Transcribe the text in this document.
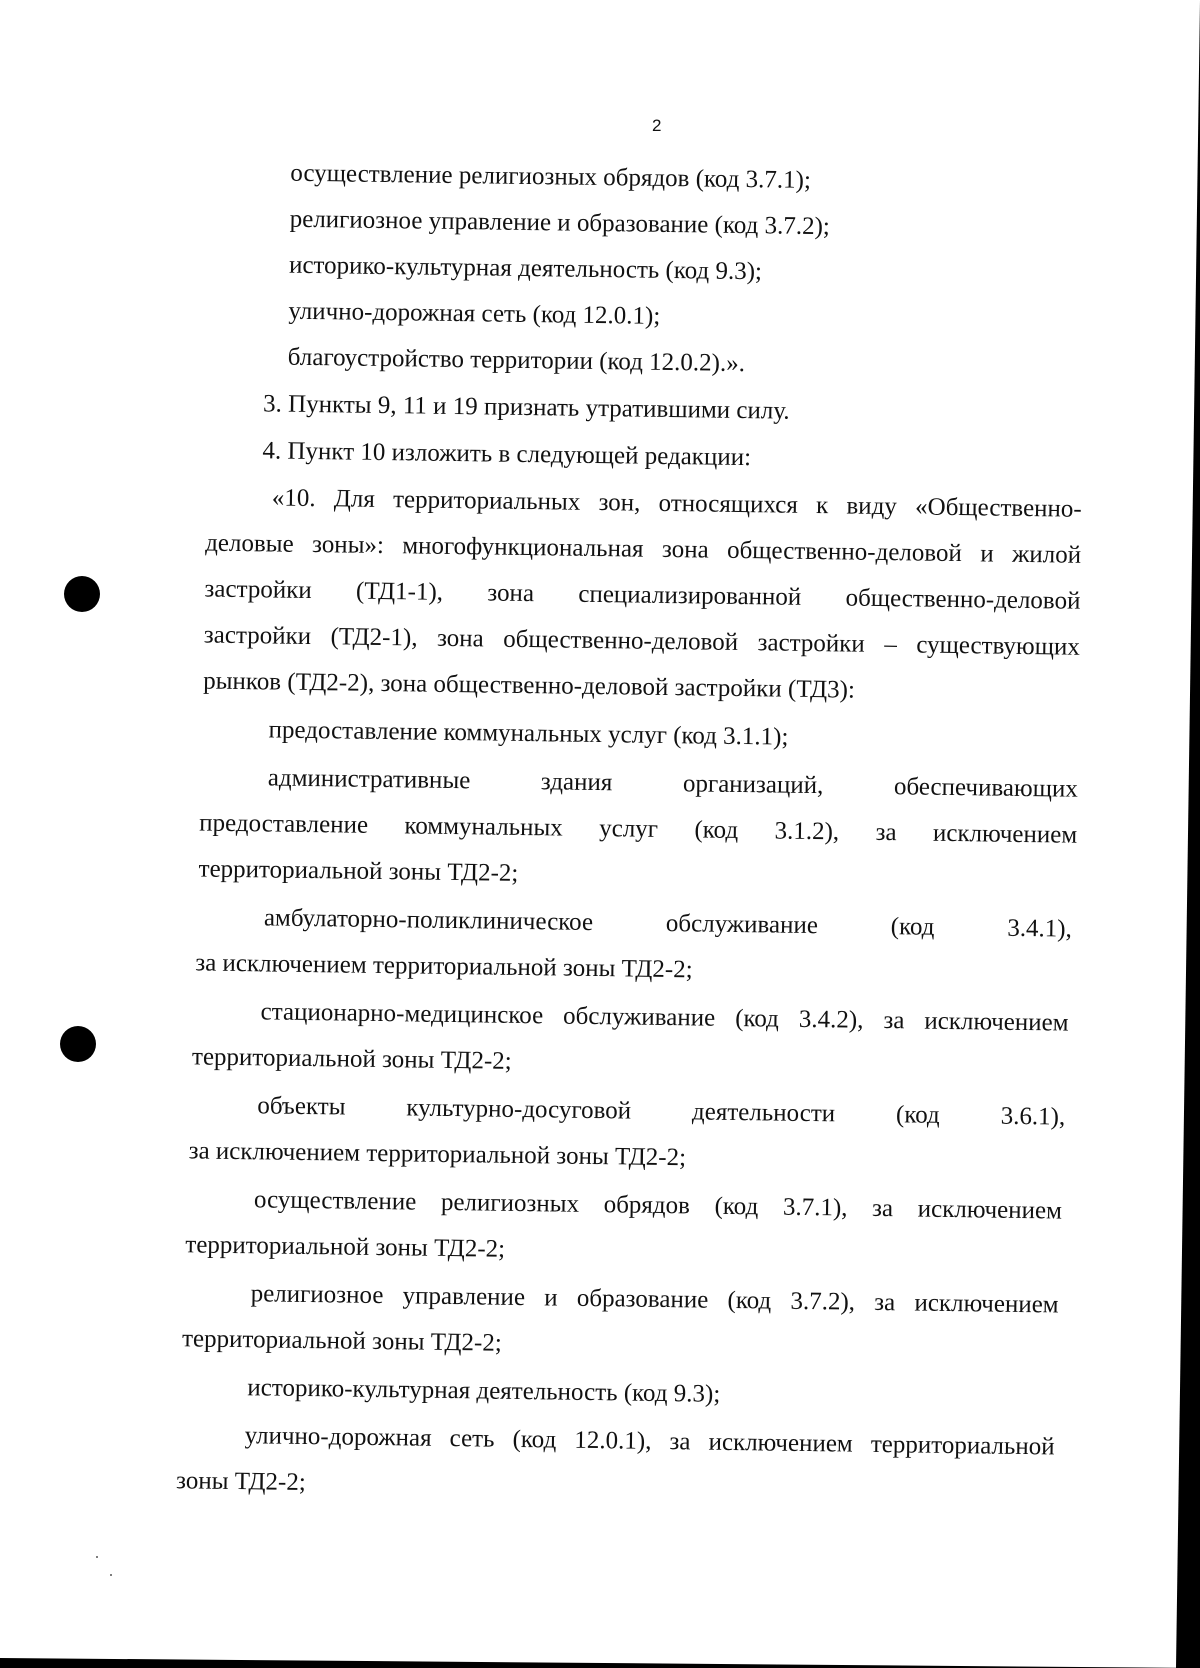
2
осуществление религиозных обрядов (код 3.7.1);
религиозное управление и образование (код 3.7.2);
историко-культурная деятельность (код 9.3);
улично-дорожная сеть (код 12.0.1);
благоустройство территории (код 12.0.2).».
3. Пункты 9, 11 и 19 признать утратившими силу.
4. Пункт 10 изложить в следующей редакции:
«10. Для территориальных зон, относящихся к виду «Общественно-
деловые зоны»: многофункциональная зона общественно-деловой и жилой
застройки (ТД1-1), зона специализированной общественно-деловой
застройки (ТД2-1), зона общественно-деловой застройки – существующих
рынков (ТД2-2), зона общественно-деловой застройки (ТД3):
предоставление коммунальных услуг (код 3.1.1);
административные	здания	организаций,	обеспечивающих
предоставление коммунальных услуг (код 3.1.2), за исключением
территориальной зоны ТД2-2;
амбулаторно-поликлиническое	обслуживание	(код	3.4.1),
за исключением территориальной зоны ТД2-2;
стационарно-медицинское обслуживание (код 3.4.2), за исключением
территориальной зоны ТД2-2;
объекты культурно-досуговой деятельности (код 3.6.1),
за исключением территориальной зоны ТД2-2;
осуществление религиозных обрядов (код 3.7.1), за исключением
территориальной зоны ТД2-2;
религиозное управление и образование (код 3.7.2), за исключением
территориальной зоны ТД2-2;
историко-культурная деятельность (код 9.3);
улично-дорожная сеть (код 12.0.1), за исключением территориальной
зоны ТД2-2;
